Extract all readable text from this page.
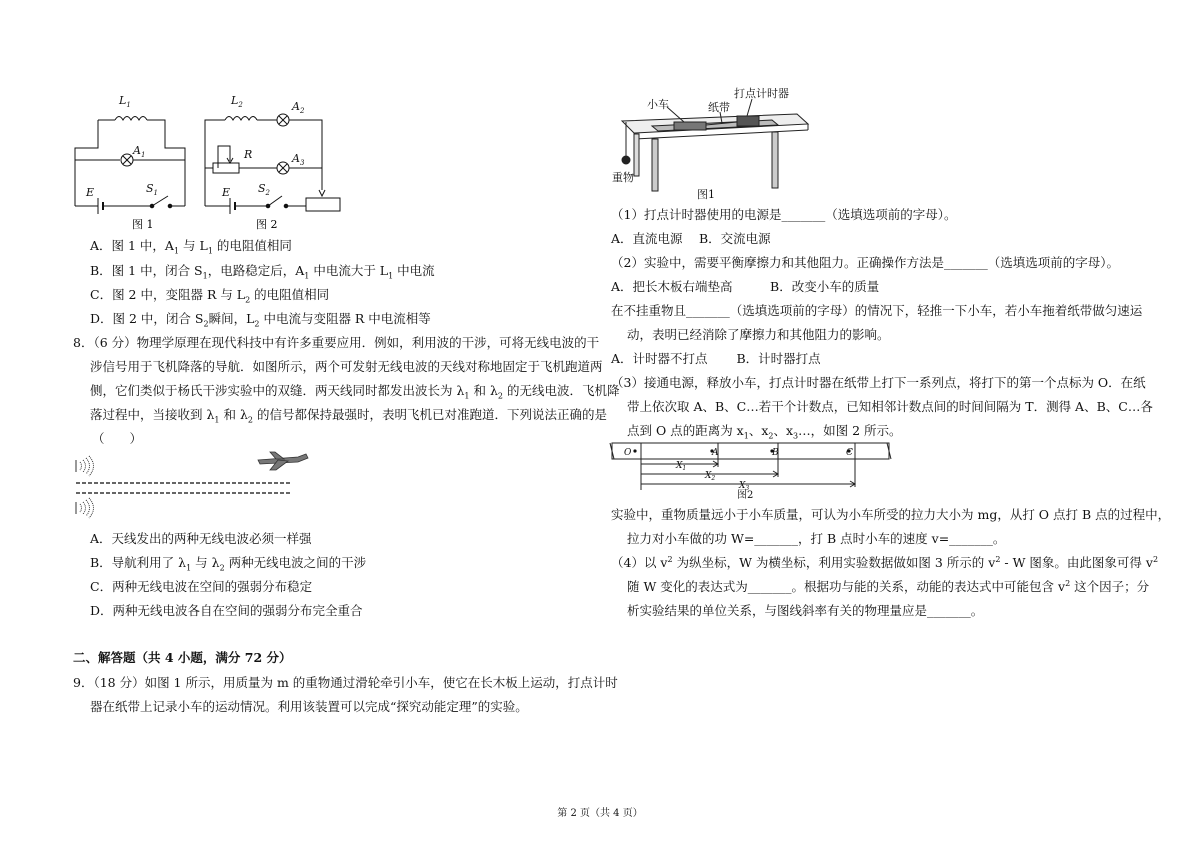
$L_1$
$A_1$
E	$S_1$
$L_2$	$A_2$
R	$A_3$
E	$S_2$
图 1	图 2
A．图 1 中，$A_1$ 与 $L_1$ 的电阻值相同
B．图 1 中，闭合 $S_1$，电路稳定后，$A_1$ 中电流大于 $L_1$ 中电流
C．图 2 中，变阻器 R 与 $L_2$ 的电阻值相同
D．图 2 中，闭合 $S_2$瞬间，$L_2$ 中电流与变阻器 R 中电流相等
8．（6 分）物理学原理在现代科技中有许多重要应用．例如，利用波的干涉，可将无线电波的干
涉信号用于飞机降落的导航．如图所示，两个可发射无线电波的天线对称地固定于飞机跑道两
侧，它们类似于杨氏干涉实验中的双缝．两天线同时都发出波长为 $\lambda_1$ 和 $\lambda_2$ 的无线电波．飞机降
落过程中，当接收到 $\lambda_1$ 和 $\lambda_2$ 的信号都保持最强时，表明飞机已对准跑道．下列说法正确的是
（　　）
A．天线发出的两种无线电波必须一样强
B．导航利用了 $\lambda_1$ 与 $\lambda_2$ 两种无线电波之间的干涉
C．两种无线电波在空间的强弱分布稳定
D．两种无线电波各自在空间的强弱分布完全重合
二、解答题（共 4 小题，满分 72 分）
9．（18 分）如图 1 所示，用质量为 m 的重物通过滑轮牵引小车，使它在长木板上运动，打点计时
器在纸带上记录小车的运动情况。利用该装置可以完成“探究动能定理”的实验。
打点计时器
小车	纸带
重物
图1
（1）打点计时器使用的电源是_______（选填选项前的字母）。
A．直流电源　 B．交流电源
（2）实验中，需要平衡摩擦力和其他阻力。正确操作方法是_______（选填选项前的字母）。
A．把长木板右端垫高　　　B．改变小车的质量
在不挂重物且_______（选填选项前的字母）的情况下，轻推一下小车，若小车拖着纸带做匀速运
动，表明已经消除了摩擦力和其他阻力的影响。
A．计时器不打点　　 B．计时器打点
（3）接通电源，释放小车，打点计时器在纸带上打下一系列点，将打下的第一个点标为 O．在纸
带上依次取 A、B、C…若干个计数点，已知相邻计数点间的时间间隔为 T．测得 A、B、C…各
点到 O 点的距离为 $x_1$、$x_2$、$x_3\dots$，如图 2 所示。
O	A	B	C
$X_1$
$X_2$
$X_3$
图2
实验中，重物质量远小于小车质量，可认为小车所受的拉力大小为 mg，从打 O 点打 B 点的过程中，
拉力对小车做的功 W=_______，打 B 点时小车的速度 v=_______。
（4）以 $v^2$ 为纵坐标，W 为横坐标，利用实验数据做如图 3 所示的 $v^2$ - W 图象。由此图象可得 $v^2$
随 W 变化的表达式为_______。根据功与能的关系，动能的表达式中可能包含 $v^2$ 这个因子；分
析实验结果的单位关系，与图线斜率有关的物理量应是_______。
第 2 页（共 4 页）
